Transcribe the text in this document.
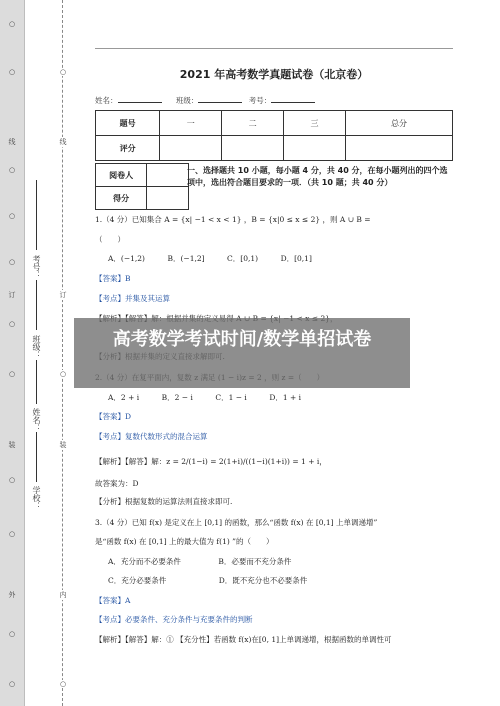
○
○
线
○
○
○
订
○
○
装
○
○
外
○
○
考号：
班级：
姓名：
学校：
○
线
订
○
装
内
○
2021 年高考数学真题试卷（北京卷）
姓名：	班级：	考号：
题号	一	二	三	总分
评分				
阅卷人	
得分	
一、选择题共 10 小题，每小题 4 分，共 40 分，在每小题列出的四个选项中，选出符合题目要求的一项．（共 10 题；共 40 分）
1.（4 分）已知集合 A = {x| −1 < x < 1} ，B = {x|0 ≤ x ≤ 2} ，则 A ∪ B =
（　　）
A．(−1,2)　　　B．(−1,2]　　　C．[0,1)　　　D．[0,1]
【答案】B
【考点】并集及其运算
A．2 + i　　　B．2 − i　　　C．1 − i　　　D．1 + i
【答案】D
【考点】复数代数形式的混合运算
【解析】【解答】解：z = 2/(1−i) = 2(1+i)/((1−i)(1+i)) = 1 + i，
故答案为：D
【分析】根据复数的运算法则直接求即可.
3.（4 分）已知 f(x) 是定义在上 [0,1] 的函数，那么“函数 f(x) 在 [0,1] 上单调递增”
是“函数 f(x) 在 [0,1] 上的最大值为 f(1) ”的（　　）
A．充分而不必要条件　　　　　B．必要而不充分条件
C．充分必要条件　　　　　　　D．既不充分也不必要条件
【答案】A
【考点】必要条件、充分条件与充要条件的判断
【解析】【解答】解：① 【充分性】若函数 f(x)在[0, 1]上单调递增，根据函数的单调性可
高考数学考试时间/数学单招试卷
